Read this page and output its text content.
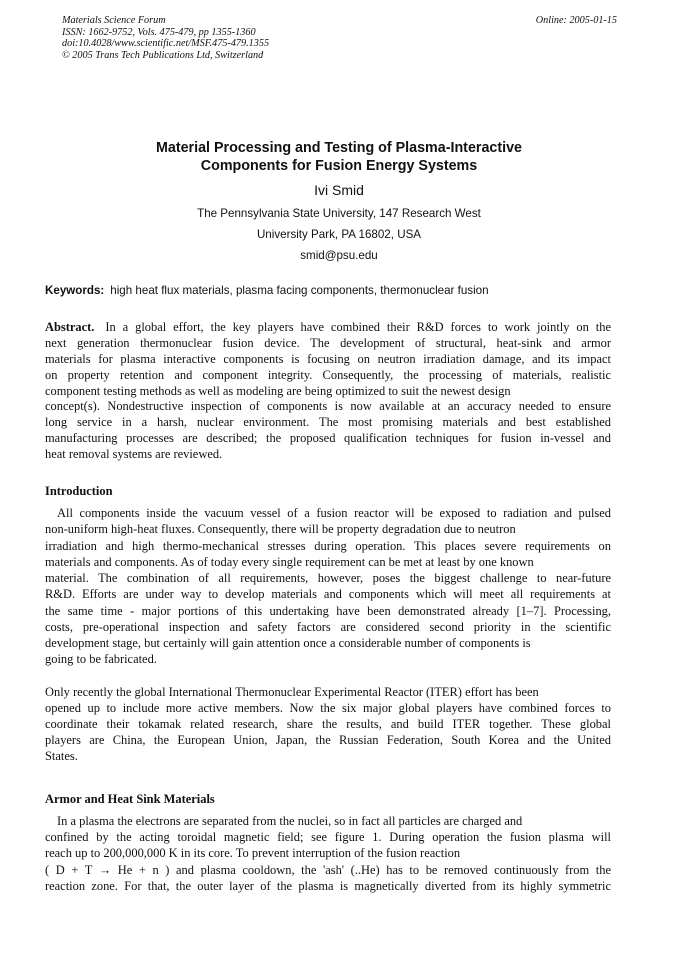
Materials Science Forum
ISSN: 1662-9752, Vols. 475-479, pp 1355-1360
doi:10.4028/www.scientific.net/MSF.475-479.1355
© 2005 Trans Tech Publications Ltd, Switzerland
Online: 2005-01-15
Material Processing and Testing of Plasma-Interactive
Components for Fusion Energy Systems
Ivi Smid
The Pennsylvania State University, 147 Research West
University Park, PA 16802, USA
smid@psu.edu
Keywords: high heat flux materials, plasma facing components, thermonuclear fusion
Abstract. In a global effort, the key players have combined their R&D forces to work jointly on the
next generation thermonuclear fusion device. The development of structural, heat-sink and armor
materials for plasma interactive components is focusing on neutron irradiation damage, and its impact
on property retention and component integrity. Consequently, the processing of materials, realistic
component testing methods as well as modeling are being optimized to suit the newest design
concept(s). Nondestructive inspection of components is now available at an accuracy needed to ensure
long service in a harsh, nuclear environment. The most promising materials and best established
manufacturing processes are described; the proposed qualification techniques for fusion in-vessel and
heat removal systems are reviewed.
Introduction
All components inside the vacuum vessel of a fusion reactor will be exposed to radiation and pulsed
non-uniform high-heat fluxes. Consequently, there will be property degradation due to neutron
irradiation and high thermo-mechanical stresses during operation. This places severe requirements on
materials and components. As of today every single requirement can be met at least by one known
material. The combination of all requirements, however, poses the biggest challenge to near-future
R&D. Efforts are under way to develop materials and components which will meet all requirements at
the same time - major portions of this undertaking have been demonstrated already [1–7]. Processing,
costs, pre-operational inspection and safety factors are considered second priority in the scientific
development stage, but certainly will gain attention once a considerable number of components is
going to be fabricated.
Only recently the global International Thermonuclear Experimental Reactor (ITER) effort has been
opened up to include more active members. Now the six major global players have combined forces to
coordinate their tokamak related research, share the results, and build ITER together. These global
players are China, the European Union, Japan, the Russian Federation, South Korea and the United
States.
Armor and Heat Sink Materials
In a plasma the electrons are separated from the nuclei, so in fact all particles are charged and
confined by the acting toroidal magnetic field; see figure 1. During operation the fusion plasma will
reach up to 200,000,000 K in its core. To prevent interruption of the fusion reaction
( D + T → He + n ) and plasma cooldown, the 'ash' (..He) has to be removed continuously from the
reaction zone. For that, the outer layer of the plasma is magnetically diverted from its highly symmetric
